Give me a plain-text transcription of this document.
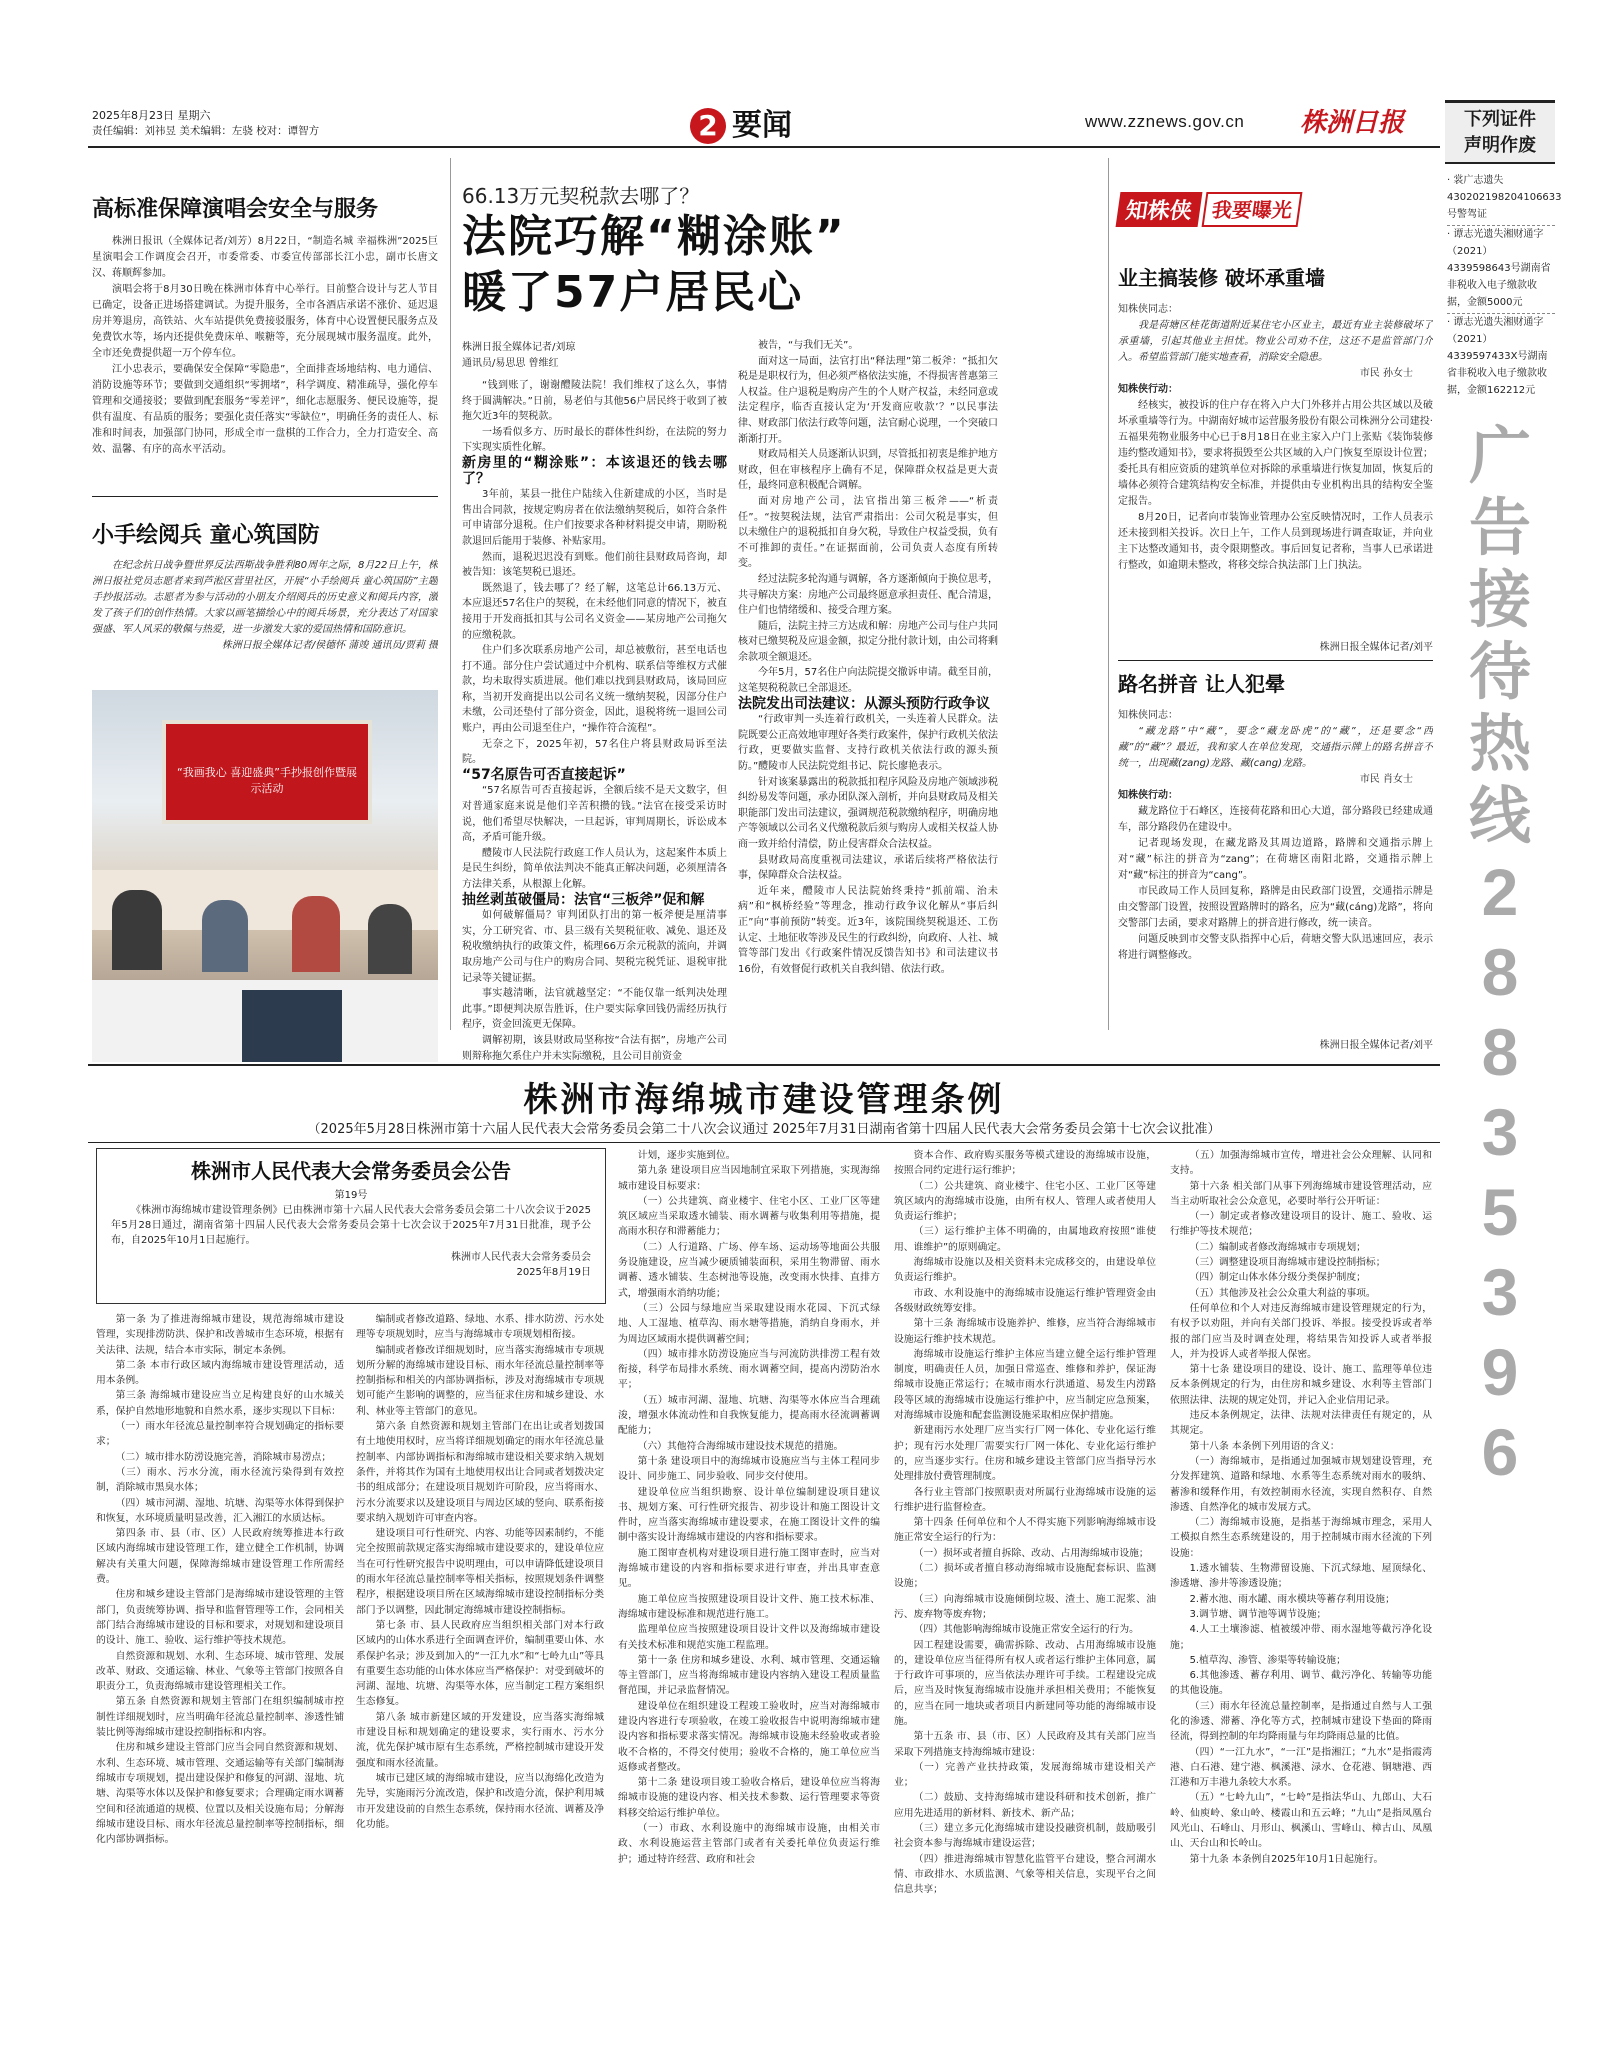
2025年8月23日 星期六
责任编辑：刘祎昱 美术编辑：左骁 校对：谭智方	2 要闻	www.zznews.gov.cn 株洲日报	下列证件
声明作废
· 裳广志遗失430202198204106633号警驾证
· 谭志光遗失湘财通字（2021）4339598643号湖南省非税收入电子缴款收据，金额5000元
· 谭志光遗失湘财通字（2021）4339597433X号湖南省非税收入电子缴款收据，金额162212元
广
告
接
待
热
线
2
8
8
3
5
3
9
6
高标准保障演唱会安全与服务

株洲日报讯（全媒体记者/刘芳）8月22日，“制造名城 幸福株洲”2025巨星演唱会工作调度会召开，市委常委、市委宣传部部长江小忠，副市长唐文汉、蒋顺辉参加。

演唱会将于8月30日晚在株洲市体育中心举行。目前整合设计与艺人节目已确定，设备正进场搭建调试。为提升服务，全市各酒店承诺不涨价、延迟退房并筹退房，高铁站、火车站提供免费接驳服务，体育中心设置便民服务点及免费饮水等，场内还提供免费床单、喉糖等，充分展现城市服务温度。此外，全市还免费提供超一万个停车位。

江小忠表示，要确保安全保障“零隐患”，全面排查场地结构、电力通信、消防设施等环节；要做到交通组织“零拥堵”，科学调度、精准疏导，强化停车管理和交通接驳；要做到配套服务“零差评”，细化志愿服务、便民设施等，提供有温度、有品质的服务；要强化责任落实“零缺位”，明确任务的责任人、标准和时间表，加强部门协同，形成全市一盘棋的工作合力，全力打造安全、高效、温馨、有序的高水平活动。

小手绘阅兵 童心筑国防

在纪念抗日战争暨世界反法西斯战争胜利80周年之际，8月22日上午，株洲日报社党员志愿者来到芦淞区营里社区，开展“小手绘阅兵 童心筑国防”主题手抄报活动。志愿者为参与活动的小朋友介绍阅兵的历史意义和阅兵内容，激发了孩子们的创作热情。大家以画笔描绘心中的阅兵场景，充分表达了对国家强盛、军人风采的敬佩与热爱，进一步激发大家的爱国热情和国防意识。

株洲日报全媒体记者/侯德怀 蒲竣 通讯员/贾莉 摄

“我画我心 喜迎盛典”手抄报创作暨展示活动
66.13万元契税款去哪了？
法院巧解“糊涂账”
暖了57户居民心
株洲日报全媒体记者/刘琼
通讯员/易思思 曾维红

“钱到账了，谢谢醴陵法院！我们维权了这么久，事情终于圆满解决。”日前，易老伯与其他56户居民终于收到了被拖欠近3年的契税款。

一场看似多方、历时最长的群体性纠纷，在法院的努力下实现实质性化解。

新房里的“糊涂账”：本该退还的钱去哪了？

3年前，某县一批住户陆续入住新建成的小区，当时是售出合同款，按规定购房者在依法缴纳契税后，如符合条件可申请部分退税。住户们按要求各种材料提交申请，期盼税款退回后能用于装修、补贴家用。

然而，退税迟迟没有到账。他们前往县财政局咨询，却被告知：该笔契税已退还。

既然退了，钱去哪了？经了解，这笔总计66.13万元、本应退还57名住户的契税，在未经他们同意的情况下，被直接用于开发商抵扣其与公司名义资金——某房地产公司拖欠的应缴税款。

住户们多次联系房地产公司，却总被敷衍，甚至电话也打不通。部分住户尝试通过中介机构、联系信等维权方式催款，均未取得实质进展。他们难以找到县财政局，该局回应称，当初开发商提出以公司名义统一缴纳契税，因部分住户未缴，公司还垫付了部分资金，因此，退税将统一退回公司账户，再由公司退至住户，“操作符合流程”。

无奈之下，2025年初，57名住户将县财政局诉至法院。

“57名原告可否直接起诉”

“57名原告可否直接起诉，全额后续不是天文数字，但对普通家庭来说是他们辛苦积攒的钱。”法官在接受采访时说，他们希望尽快解决，一旦起诉，审判周期长，诉讼成本高，矛盾可能升级。

醴陵市人民法院行政庭工作人员认为，这起案件本质上是民生纠纷，简单依法判决不能真正解决问题，必须厘清各方法律关系，从根源上化解。

抽丝剥茧破僵局：法官“三板斧”促和解

如何破解僵局？审判团队打出的第一板斧便是厘清事实，分工研究省、市、县三级有关契税征收、减免、退还及税收缴纳执行的政策文件，梳理66万余元税款的流向，并调取房地产公司与住户的购房合同、契税完税凭证、退税审批记录等关键证据。

事实越清晰，法官就越坚定：“不能仅靠一纸判决处理此事。”即便判决原告胜诉，住户要实际拿回钱仍需经历执行程序，资金回流更无保障。

调解初期，该县财政局坚称按“合法有据”，房地产公司则辩称拖欠系住户并未实际缴税，且公司目前资金

被告，“与我们无关”。

面对这一局面，法官打出“释法理”第二板斧：“抵扣欠税是是职权行为，但必须严格依法实施，不得损害普惠第三人权益。住户退税是购房产生的个人财产权益，未经同意或法定程序，临否直接认定为‘开发商应收款’？”以民事法律、财政部门依法行政等问题，法官耐心说理，一个突破口渐渐打开。

财政局相关人员逐渐认识到，尽管抵扣初衷是维护地方财政，但在审核程序上确有不足，保障群众权益是更大责任，最终同意积极配合调解。

面对房地产公司，法官指出第三板斧——“析责任”。“按契税法规，法官严肃指出：公司欠税是事实，但以未缴住户的退税抵扣自身欠税，导致住户权益受损，负有不可推卸的责任。”在证据面前，公司负责人态度有所转变。

经过法院多轮沟通与调解，各方逐渐倾向于换位思考，共寻解决方案：房地产公司最终愿意承担责任、配合清退，住户们也情绪缓和、接受合理方案。

随后，法院主持三方达成和解：房地产公司与住户共同核对已缴契税及应退金额，拟定分批付款计划，由公司将剩余款项全额退还。

今年5月，57名住户向法院提交撤诉申请。截至目前，这笔契税税款已全部退还。

法院发出司法建议：从源头预防行政争议

“行政审判一头连着行政机关，一头连着人民群众。法院既要公正高效地审理好各类行政案件，保护行政机关依法行政，更要做实监督、支持行政机关依法行政的源头预防。”醴陵市人民法院党组书记、院长廖艳表示。

针对该案暴露出的税款抵扣程序风险及房地产领域涉税纠纷易发等问题，承办团队深入剖析，并向县财政局及相关职能部门发出司法建议，强调规范税款缴纳程序，明确房地产等领域以公司名义代缴税款后须与购房人或相关权益人协商一致并给付清偿，防止侵害群众合法权益。

县财政局高度重视司法建议，承诺后续将严格依法行事，保障群众合法权益。

近年来，醴陵市人民法院始终秉持“抓前端、治未病”和“枫桥经验”等理念，推动行政争议化解从“事后纠正”向“事前预防”转变。近3年，该院围绕契税退还、工伤认定、土地征收等涉及民生的行政纠纷，向政府、人社、城管等部门发出《行政案件情况反馈告知书》和司法建议书16份，有效督促行政机关自我纠错、依法行政。

知株侠 我要曝光
业主搞装修 破坏承重墙
知株侠同志：

我是荷塘区桂花街道附近某住宅小区业主，最近有业主装修破坏了承重墙，引起其他业主担忧。物业公司劝不住，这还不是监管部门介入。希望监管部门能实地查看，消除安全隐患。

市民 孙女士
知株侠行动：

经核实，被投诉的住户存在将入户大门外移并占用公共区域以及破坏承重墙等行为。中湖南好城市运营服务股份有限公司株洲分公司建投·五福果苑物业服务中心已于8月18日在业主家入户门上张贴《装饰装修违约整改通知书》，要求将损毁至公共区域的入户门恢复至原设计位置；委托具有相应资质的建筑单位对拆除的承重墙进行恢复加固，恢复后的墙体必须符合建筑结构安全标准，并提供由专业机构出具的结构安全鉴定报告。

8月20日，记者向市装饰业管理办公室反映情况时，工作人员表示还未接到相关投诉。次日上午，工作人员到现场进行调查取证，并向业主下达整改通知书，责令限期整改。事后回复记者称，当事人已承诺进行整改，如逾期未整改，将移交综合执法部门上门执法。

株洲日报全媒体记者/刘平
路名拼音 让人犯晕
知株侠同志：

“藏龙路”中“藏”，要念“藏龙卧虎”的“藏”，还是要念“西藏”的“藏”？最近，我和家人在单位发现，交通指示牌上的路名拼音不统一，出现藏(zang)龙路、藏(cang)龙路。

市民 肖女士
知株侠行动：

藏龙路位于石峰区，连接荷花路和田心大道，部分路段已经建成通车，部分路段仍在建设中。

记者现场发现，在藏龙路及其周边道路，路牌和交通指示牌上对“藏”标注的拼音为“zang”；在荷塘区南阳北路，交通指示牌上对“藏”标注的拼音为“cang”。

市民政局工作人员回复称，路牌是由民政部门设置，交通指示牌是由交警部门设置，按照设置路牌时的路名，应为“藏(cáng)龙路”，将向交警部门去函，要求对路牌上的拼音进行修改，统一读音。

问题反映到市交警支队指挥中心后，荷塘交警大队迅速回应，表示将进行调整修改。

株洲日报全媒体记者/刘平
株洲市海绵城市建设管理条例
（2025年5月28日株洲市第十六届人民代表大会常务委员会第二十八次会议通过 2025年7月31日湖南省第十四届人民代表大会常务委员会第十七次会议批准）
株洲市人民代表大会常务委员会公告
第19号
《株洲市海绵城市建设管理条例》已由株洲市第十六届人民代表大会常务委员会第二十八次会议于2025年5月28日通过，湖南省第十四届人民代表大会常务委员会第十七次会议于2025年7月31日批准，现予公布，自2025年10月1日起施行。
株洲市人民代表大会常务委员会
2025年8月19日

第一条 为了推进海绵城市建设，规范海绵城市建设管理，实现排涝防洪、保护和改善城市生态环境，根据有关法律、法规，结合本市实际，制定本条例。

第二条 本市行政区域内海绵城市建设管理活动，适用本条例。

第三条 海绵城市建设应当立足构建良好的山水城关系，保护自然地形地貌和自然水系，逐步实现以下目标：

（一）雨水年径流总量控制率符合规划确定的指标要求；

（二）城市排水防涝设施完善，消除城市易涝点；

（三）雨水、污水分流，雨水径流污染得到有效控制，消除城市黑臭水体；

（四）城市河湖、湿地、坑塘、沟渠等水体得到保护和恢复，水环境质量明显改善，汇入湘江的水质达标。

第四条 市、县（市、区）人民政府统筹推进本行政区域内海绵城市建设管理工作，建立健全工作机制，协调解决有关重大问题，保障海绵城市建设管理工作所需经费。

住房和城乡建设主管部门是海绵城市建设管理的主管部门，负责统筹协调、指导和监督管理等工作，会同相关部门结合海绵城市建设的目标和要求，对规划和建设项目的设计、施工、验收、运行维护等技术规范。

自然资源和规划、水利、生态环境、城市管理、发展改革、财政、交通运输、林业、气象等主管部门按照各自职责分工，负责海绵城市建设管理相关工作。

第五条 自然资源和规划主管部门在组织编制城市控制性详细规划时，应当明确年径流总量控制率、渗透性铺装比例等海绵城市建设控制指标和内容。

住房和城乡建设主管部门应当会同自然资源和规划、水利、生态环境、城市管理、交通运输等有关部门编制海绵城市专项规划，提出建设保护和修复的河湖、湿地、坑塘、沟渠等水体以及保护和修复要求；合理确定雨水调蓄空间和径流通道的规模、位置以及相关设施布局；分解海绵城市建设目标、雨水年径流总量控制率等控制指标，细化内部协调指标。

编制或者修改道路、绿地、水系、排水防涝、污水处理等专项规划时，应当与海绵城市专项规划相衔接。

编制或者修改详细规划时，应当落实海绵城市专项规划所分解的海绵城市建设目标、雨水年径流总量控制率等控制指标和相关的内部协调指标，涉及对海绵城市专项规划可能产生影响的调整的，应当征求住房和城乡建设、水利、林业等主管部门的意见。

第六条 自然资源和规划主管部门在出让或者划拨国有土地使用权时，应当将详细规划确定的雨水年径流总量控制率、内部协调指标和海绵城市建设相关要求纳入规划条件，并将其作为国有土地使用权出让合同或者划拨决定书的组成部分；在建设项目规划许可阶段，应当将雨水、污水分流要求以及建设项目与周边区域的竖向、联系衔接要求纳入规划许可审查内容。

建设项目可行性研究、内容、功能等因素制约，不能完全按照前款规定落实海绵城市建设要求的，建设单位应当在可行性研究报告中说明理由，可以申请降低建设项目的雨水年径流总量控制率等相关指标，按照规划条件调整程序，根据建设项目所在区域海绵城市建设控制指标分类部门予以调整，因此制定海绵城市建设控制指标。

第七条 市、县人民政府应当组织相关部门对本行政区域内的山体水系进行全面调查评价，编制重要山体、水系保护名录；涉及到加入的“一江九水”和“七岭九山”等具有重要生态功能的山体水体应当严格保护：对受到破坏的河湖、湿地、坑塘、沟渠等水体，应当制定工程方案组织生态修复。

第八条 城市新建区域的开发建设，应当落实海绵城市建设目标和规划确定的建设要求，实行雨水、污水分流，优先保护城市原有生态系统，严格控制城市建设开发强度和雨水径流量。

城市已建区域的海绵城市建设，应当以海绵化改造为先导，实施雨污分流改造，保护和改造分流，保护利用城市开发建设前的自然生态系统，保持雨水径流、调蓄及净化功能。

计划，逐步实施到位。

第九条 建设项目应当因地制宜采取下列措施，实现海绵城市建设目标要求：

（一）公共建筑、商业楼宇、住宅小区、工业厂区等建筑区域应当采取透水铺装、雨水调蓄与收集利用等措施，提高雨水积存和滞蓄能力；

（二）人行道路、广场、停车场、运动场等地面公共服务设施建设，应当减少硬质铺装面积，采用生物滞留、雨水调蓄、透水铺装、生态树池等设施，改变雨水快排、直排方式，增强雨水消纳功能；

（三）公园与绿地应当采取建设雨水花园、下沉式绿地、人工湿地、植草沟、雨水塘等措施，消纳自身雨水，并为周边区域雨水提供调蓄空间；

（四）城市排水防涝设施应当与河流防洪排涝工程有效衔接，科学布局排水系统、雨水调蓄空间，提高内涝防治水平；

（五）城市河湖、湿地、坑塘、沟渠等水体应当合理疏浚，增强水体流动性和自我恢复能力，提高雨水径流调蓄调配能力；

（六）其他符合海绵城市建设技术规范的措施。

第十条 建设项目中的海绵城市设施应当与主体工程同步设计、同步施工、同步验收、同步交付使用。

建设单位应当组织勘察、设计单位编制建设项目建议书、规划方案、可行性研究报告、初步设计和施工图设计文件时，应当落实海绵城市建设要求，在施工图设计文件的编制中落实设计海绵城市建设的内容和指标要求。

施工图审查机构对建设项目进行施工图审查时，应当对海绵城市建设的内容和指标要求进行审查，并出具审查意见。

施工单位应当按照建设项目设计文件、施工技术标准、海绵城市建设标准和规范进行施工。

监理单位应当按照建设项目设计文件以及海绵城市建设有关技术标准和规范实施工程监理。

第十一条 住房和城乡建设、水利、城市管理、交通运输等主管部门，应当将海绵城市建设内容纳入建设工程质量监督范围，并记录监督情况。

建设单位在组织建设工程竣工验收时，应当对海绵城市建设内容进行专项验收，在竣工验收报告中说明海绵城市建设内容和指标要求落实情况。海绵城市设施未经验收或者验收不合格的，不得交付使用；验收不合格的，施工单位应当返修或者整改。

第十二条 建设项目竣工验收合格后，建设单位应当将海绵城市设施的建设内容、相关技术参数、运行管理要求等资料移交给运行维护单位。

（一）市政、水利设施中的海绵城市设施，由相关市政、水利设施运营主管部门或者有关委托单位负责运行维护；通过特许经营、政府和社会

资本合作、政府购买服务等模式建设的海绵城市设施，按照合同约定进行运行维护；

（二）公共建筑、商业楼宇、住宅小区、工业厂区等建筑区域内的海绵城市设施，由所有权人、管理人或者使用人负责运行维护；

（三）运行维护主体不明确的，由属地政府按照“谁使用、谁维护”的原则确定。

海绵城市设施以及相关资料未完成移交的，由建设单位负责运行维护。

市政、水利设施中的海绵城市设施运行维护管理资金由各级财政统筹安排。

第十三条 海绵城市设施养护、维修，应当符合海绵城市设施运行维护技术规范。

海绵城市设施运行维护主体应当建立健全运行维护管理制度，明确责任人员，加强日常巡查、维修和养护，保证海绵城市设施正常运行；在城市雨水行洪通道、易发生内涝路段等区域的海绵城市设施运行维护中，应当制定应急预案，对海绵城市设施和配套监测设施采取相应保护措施。

新建雨污水处理厂应当实行厂网一体化、专业化运行维护；现有污水处理厂需要实行厂网一体化、专业化运行维护的，应当逐步实行。住房和城乡建设主管部门应当指导污水处理排放付费管理制度。

各行业主管部门按照职责对所属行业海绵城市设施的运行维护进行监督检查。

第十四条 任何单位和个人不得实施下列影响海绵城市设施正常安全运行的行为：

（一）损坏或者擅自拆除、改动、占用海绵城市设施；

（二）损坏或者擅自移动海绵城市设施配套标识、监测设施；

（三）向海绵城市设施倾倒垃圾、渣土、施工泥浆、油污、废弃物等废弃物；

（四）其他影响海绵城市设施正常安全运行的行为。

因工程建设需要，确需拆除、改动、占用海绵城市设施的，建设单位应当征得所有权人或者运行维护主体同意，属于行政许可事项的，应当依法办理许可手续。工程建设完成后，应当及时恢复海绵城市设施并承担相关费用；不能恢复的，应当在同一地块或者项目内新建同等功能的海绵城市设施。

第十五条 市、县（市、区）人民政府及其有关部门应当采取下列措施支持海绵城市建设：

（一）完善产业扶持政策，发展海绵城市建设相关产业；

（二）鼓励、支持海绵城市建设科研和技术创新，推广应用先进适用的新材料、新技术、新产品；

（三）建立多元化海绵城市建设投融资机制，鼓励吸引社会资本参与海绵城市建设运营；

（四）推进海绵城市智慧化监管平台建设，整合河湖水情、市政排水、水质监测、气象等相关信息，实现平台之间信息共享；

（五）加强海绵城市宣传，增进社会公众理解、认同和支持。

第十六条 相关部门从事下列海绵城市建设管理活动，应当主动听取社会公众意见，必要时举行公开听证：

（一）制定或者修改建设项目的设计、施工、验收、运行维护等技术规范；

（二）编制或者修改海绵城市专项规划；

（三）调整建设项目海绵城市建设控制指标；

（四）制定山体水体分级分类保护制度；

（五）其他涉及社会公众重大利益的事项。

任何单位和个人对违反海绵城市建设管理规定的行为，有权予以劝阻，并向有关部门投诉、举报。接受投诉或者举报的部门应当及时调查处理，将结果告知投诉人或者举报人，并为投诉人或者举报人保密。

第十七条 建设项目的建设、设计、施工、监理等单位违反本条例规定的行为，由住房和城乡建设、水利等主管部门依照法律、法规的规定处罚，并记入企业信用记录。

违反本条例规定，法律、法规对法律责任有规定的，从其规定。

第十八条 本条例下列用语的含义：

（一）海绵城市，是指通过加强城市规划建设管理，充分发挥建筑、道路和绿地、水系等生态系统对雨水的吸纳、蓄渗和缓释作用，有效控制雨水径流，实现自然积存、自然渗透、自然净化的城市发展方式。

（二）海绵城市设施，是指基于海绵城市理念，采用人工模拟自然生态系统建设的，用于控制城市雨水径流的下列设施：

1.透水铺装、生物滞留设施、下沉式绿地、屋顶绿化、渗透塘、渗井等渗透设施；

2.蓄水池、雨水罐、雨水模块等蓄存利用设施；

3.调节塘、调节池等调节设施；

4.人工土壤渗滤、植被缓冲带、雨水湿地等截污净化设施；

5.植草沟、渗管、渗渠等转输设施；

6.其他渗透、蓄存利用、调节、截污净化、转输等功能的其他设施。

（三）雨水年径流总量控制率，是指通过自然与人工强化的渗透、滞蓄、净化等方式，控制城市建设下垫面的降雨径流，得到控制的年均降雨量与年均降雨总量的比值。

（四）“一江九水”，“一江”是指湘江；“九水”是指霞湾港、白石港、建宁港、枫溪港、渌水、仓花港、铜塘港、西江港和万丰港九条较大水系。

（五）“七岭九山”，“七岭”是指法华山、九郎山、大石岭、仙庾岭、象山岭、楼霞山和五云峰；“九山”是指凤凰台风光山、石峰山、月形山、枫溪山、雪峰山、樟古山、凤凰山、天台山和长岭山。

第十九条 本条例自2025年10月1日起施行。
